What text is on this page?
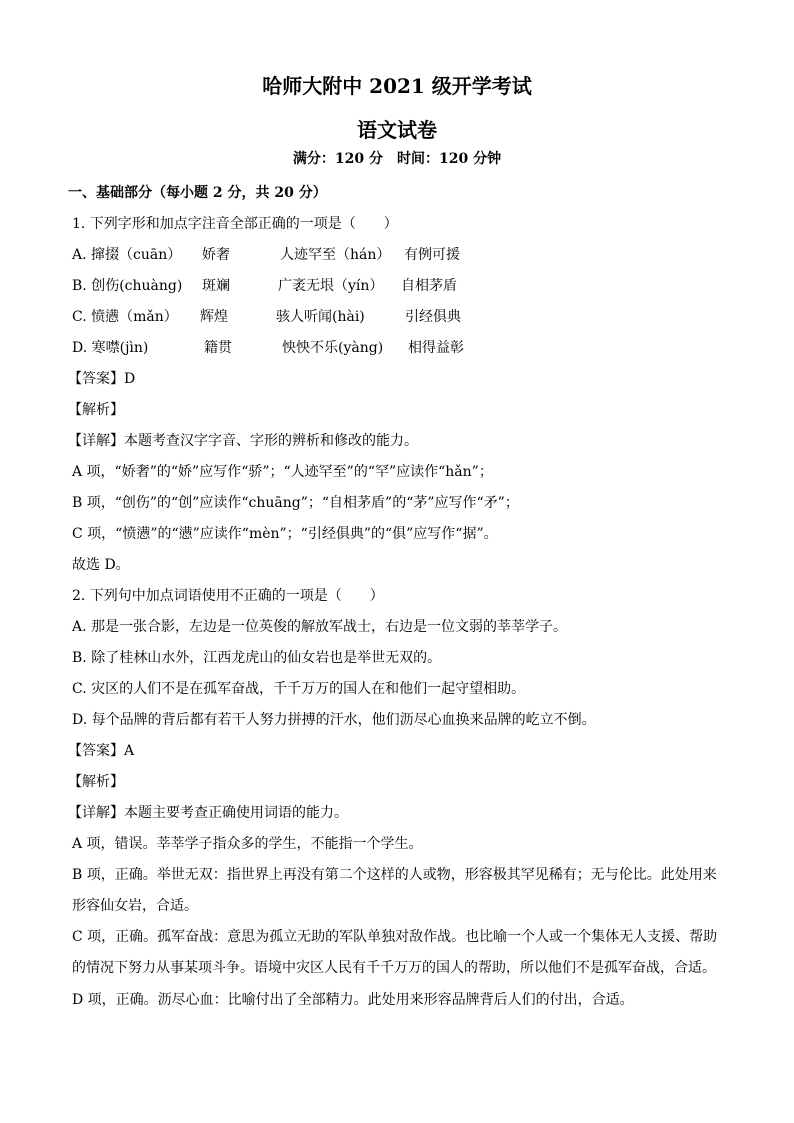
哈师大附中 2021 级开学考试
语文试卷
满分：120 分　时间：120 分钟
一、基础部分（每小题 2 分，共 20 分）
1. 下列字形和加点字注音全部正确的一项是（　　）
A. 撺掇（cuān） 娇奢	人迹罕至（hán） 有例可援
B. 创伤(chuàng) 斑斓	广袤无垠（yín） 自相茅盾
C. 愤懑（mǎn） 辉煌	骇人听闻(hài)	引经俱典
D. 寒噤(jìn)	籍贯	怏怏不乐(yàng) 相得益彰
【答案】D
【解析】
【详解】本题考查汉字字音、字形的辨析和修改的能力。
A 项，“娇奢”的“娇”应写作“骄”；“人迹罕至”的“罕”应读作“hǎn”；
B 项，“创伤”的“创”应读作“chuāng”；“自相茅盾”的“茅”应写作“矛”；
C 项，“愤懑”的“懑”应读作“mèn”；“引经俱典”的“俱”应写作“据”。
故选 D。
2. 下列句中加点词语使用不正确的一项是（　　）
A. 那是一张合影，左边是一位英俊的解放军战士，右边是一位文弱的莘莘学子。
B. 除了桂林山水外，江西龙虎山的仙女岩也是举世无双的。
C. 灾区的人们不是在孤军奋战，千千万万的国人在和他们一起守望相助。
D. 每个品牌的背后都有若干人努力拼搏的汗水，他们沥尽心血换来品牌的屹立不倒。
【答案】A
【解析】
【详解】本题主要考查正确使用词语的能力。
A 项，错误。莘莘学子指众多的学生，不能指一个学生。
B 项，正确。举世无双：指世界上再没有第二个这样的人或物，形容极其罕见稀有；无与伦比。此处用来形容仙女岩，合适。
C 项，正确。孤军奋战：意思为孤立无助的军队单独对敌作战。也比喻一个人或一个集体无人支援、帮助的情况下努力从事某项斗争。语境中灾区人民有千千万万的国人的帮助，所以他们不是孤军奋战，合适。
D 项，正确。沥尽心血：比喻付出了全部精力。此处用来形容品牌背后人们的付出，合适。
